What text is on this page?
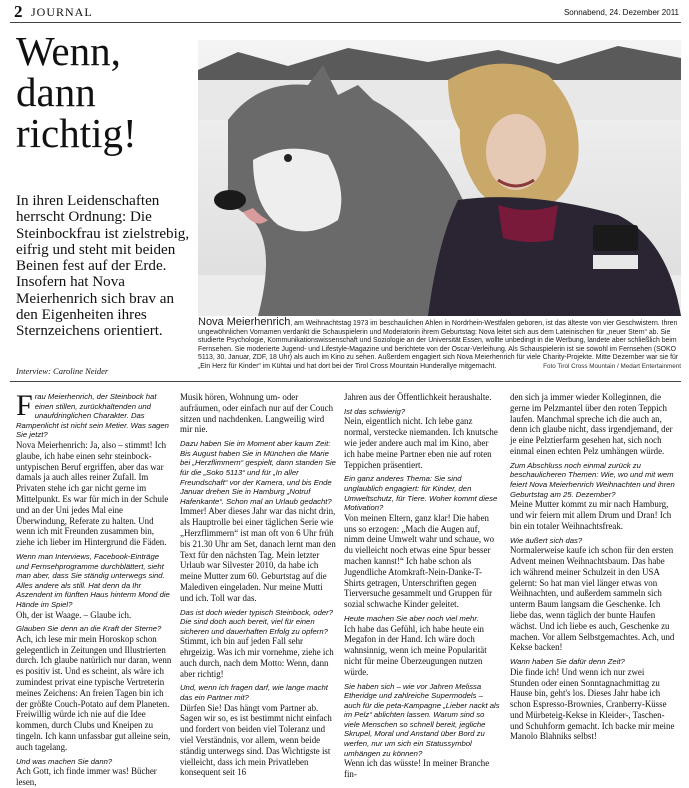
2 JOURNAL	Sonnabend, 24. Dezember 2011
Wenn, dann richtig!
In ihren Leidenschaften herrscht Ordnung: Die Steinbockfrau ist zielstrebig, eifrig und steht mit beiden Beinen fest auf der Erde. Insofern hat Nova Meierhenrich sich brav an den Eigenheiten ihres Sternzeichens orientiert.
Interview: Caroline Neider
Nova Meierhenrich, am Weihnachtstag 1973 im beschaulichen Ahlen in Nordrhein-Westfalen geboren, ist das älteste von vier Geschwistern. Ihren ungewöhnlichen Vornamen verdankt die Schauspielerin und Moderatorin ihrem Geburtstag: Nova leitet sich aus dem Lateinischen für „neuer Stern“ ab. Sie studierte Psychologie, Kommunikationswissenschaft und Soziologie an der Universität Essen, wollte unbedingt in die Werbung, landete aber schließlich beim Fernsehen. Sie moderierte Jugend- und Lifestyle-Magazine und berichtete von der Oscar-Verleihung. Als Schauspielerin ist sie sowohl im Fernsehen (SOKO 5113, 30. Januar, ZDF, 18 Uhr) als auch im Kino zu sehen. Außerdem engagiert sich Nova Meierhenrich für viele Charity-Projekte. Mitte Dezember war sie für „Ein Herz für Kinder“ im Kühtai und hat dort bei der Tirol Cross Mountain Hunderallye mitgemacht.	Foto Tirol Cross Mountain / Medart Entertainment

Frau Meierhenrich, der Steinbock hat einen stillen, zurückhaltenden und unaufdringlichen Charakter. Das Rampenlicht ist nicht sein Metier. Was sagen Sie jetzt?

Nova Meierhenrich: Ja, also – stimmt! Ich glaube, ich habe einen sehr steinbock-untypischen Beruf ergriffen, aber das war damals ja auch alles reiner Zufall. Im Privaten stehe ich gar nicht gerne im Mittelpunkt. Es war für mich in der Schule und an der Uni jedes Mal eine Überwindung, Referate zu halten. Und wenn ich mit Freunden zusammen bin, ziehe ich lieber im Hintergrund die Fäden.

Wenn man Interviews, Facebook-Einträge und Fernsehprogramme durchblättert, sieht man aber, dass Sie ständig unterwegs sind. Alles andere als still. Hat denn da Ihr Aszendent im fünften Haus hinterm Mond die Hände im Spiel?

Oh, der ist Waage. – Glaube ich.

Glauben Sie denn an die Kraft der Sterne?

Ach, ich lese mir mein Horoskop schon gelegentlich in Zeitungen und Illustrierten durch. Ich glaube natürlich nur daran, wenn es positiv ist. Und es scheint, als wäre ich zumindest privat eine typische Vertreterin meines Zeichens: An freien Tagen bin ich der größte Couch-Potato auf dem Planeten. Freiwillig würde ich nie auf die Idee kommen, durch Clubs und Kneipen zu tingeln. Ich kann unfassbar gut alleine sein, auch tagelang.

Und was machen Sie dann?

Ach Gott, ich finde immer was! Bücher lesen,

Musik hören, Wohnung um- oder aufräumen, oder einfach nur auf der Couch sitzen und nachdenken. Langweilig wird mir nie.

Dazu haben Sie im Moment aber kaum Zeit: Bis August haben Sie in München die Marie bei „Herzflimmern“ gespielt, dann standen Sie für die „Soko 5113“ und für „In aller Freundschaft“ vor der Kamera, und bis Ende Januar drehen Sie in Hamburg „Notruf Hafenkante“. Schon mal an Urlaub gedacht?

Immer! Aber dieses Jahr war das nicht drin, als Hauptrolle bei einer täglichen Serie wie „Herzflimmern“ ist man oft von 6 Uhr früh bis 21.30 Uhr am Set, danach lernt man den Text für den nächsten Tag. Mein letzter Urlaub war Silvester 2010, da habe ich meine Mutter zum 60. Geburtstag auf die Malediven eingeladen. Nur meine Mutti und ich. Toll war das.

Das ist doch wieder typisch Steinbock, oder? Die sind doch auch bereit, viel für einen sicheren und dauerhaften Erfolg zu opfern?

Stimmt, ich bin auf jeden Fall sehr ehrgeizig. Was ich mir vornehme, ziehe ich auch durch, nach dem Motto: Wenn, dann aber richtig!

Und, wenn ich fragen darf, wie lange macht das ein Partner mit?

Dürfen Sie! Das hängt vom Partner ab. Sagen wir so, es ist bestimmt nicht einfach und fordert von beiden viel Toleranz und viel Verständnis, vor allem, wenn beide ständig unterwegs sind. Das Wichtigste ist vielleicht, dass ich mein Privatleben konsequent seit 16

Jahren aus der Öffentlichkeit heraushalte.

Ist das schwierig?

Nein, eigentlich nicht. Ich lebe ganz normal, verstecke niemanden. Ich knutsche wie jeder andere auch mal im Kino, aber ich habe meine Partner eben nie auf roten Teppichen präsentiert.

Ein ganz anderes Thema: Sie sind unglaublich engagiert: für Kinder, den Umweltschutz, für Tiere. Woher kommt diese Motivation?

Von meinen Eltern, ganz klar! Die haben uns so erzogen: „Mach die Augen auf, nimm deine Umwelt wahr und schaue, wo du vielleicht noch etwas eine Spur besser machen kannst!“ Ich habe schon als Jugendliche Atomkraft-Nein-Danke-T-Shirts getragen, Unterschriften gegen Tierversuche gesammelt und Gruppen für sozial schwache Kinder geleitet.

Heute machen Sie aber noch viel mehr.

Ich habe das Gefühl, ich habe heute ein Megafon in der Hand. Ich wäre doch wahnsinnig, wenn ich meine Popularität nicht für meine Überzeugungen nutzen würde.

Sie haben sich – wie vor Jahren Melissa Etheridge und zahlreiche Supermodels – auch für die peta-Kampagne „Lieber nackt als im Pelz“ ablichten lassen. Warum sind so viele Menschen so schnell bereit, jegliche Skrupel, Moral und Anstand über Bord zu werfen, nur um sich ein Statussymbol umhängen zu können?

Wenn ich das wüsste! In meiner Branche fin-

den sich ja immer wieder Kolleginnen, die gerne im Pelzmantel über den roten Teppich laufen. Manchmal spreche ich die auch an, denn ich glaube nicht, dass irgendjemand, der je eine Pelztierfarm gesehen hat, sich noch einmal einen echten Pelz umhängen würde.

Zum Abschluss noch einmal zurück zu beschaulicheren Themen: Wie, wo und mit wem feiert Nova Meierhenrich Weihnachten und ihren Geburtstag am 25. Dezember?

Meine Mutter kommt zu mir nach Hamburg, und wir feiern mit allem Drum und Dran! Ich bin ein totaler Weihnachtsfreak.

Wie äußert sich das?

Normalerweise kaufe ich schon für den ersten Advent meinen Weihnachtsbaum. Das habe ich während meiner Schulzeit in den USA gelernt: So hat man viel länger etwas von Weihnachten, und außerdem sammeln sich unterm Baum langsam die Geschenke. Ich liebe das, wenn täglich der bunte Haufen wächst. Und ich liebe es auch, Geschenke zu machen. Vor allem Selbstgemachtes. Ach, und Kekse backen!

Wann haben Sie dafür denn Zeit?

Die finde ich! Und wenn ich nur zwei Stunden oder einen Sonntagnachmittag zu Hause bin, geht's los. Dieses Jahr habe ich schon Espresso-Brownies, Cranberry-Küsse und Mürbeteig-Kekse in Kleider-, Taschen- und Schuhform gemacht. Ich backe mir meine Manolo Blahniks selbst!
